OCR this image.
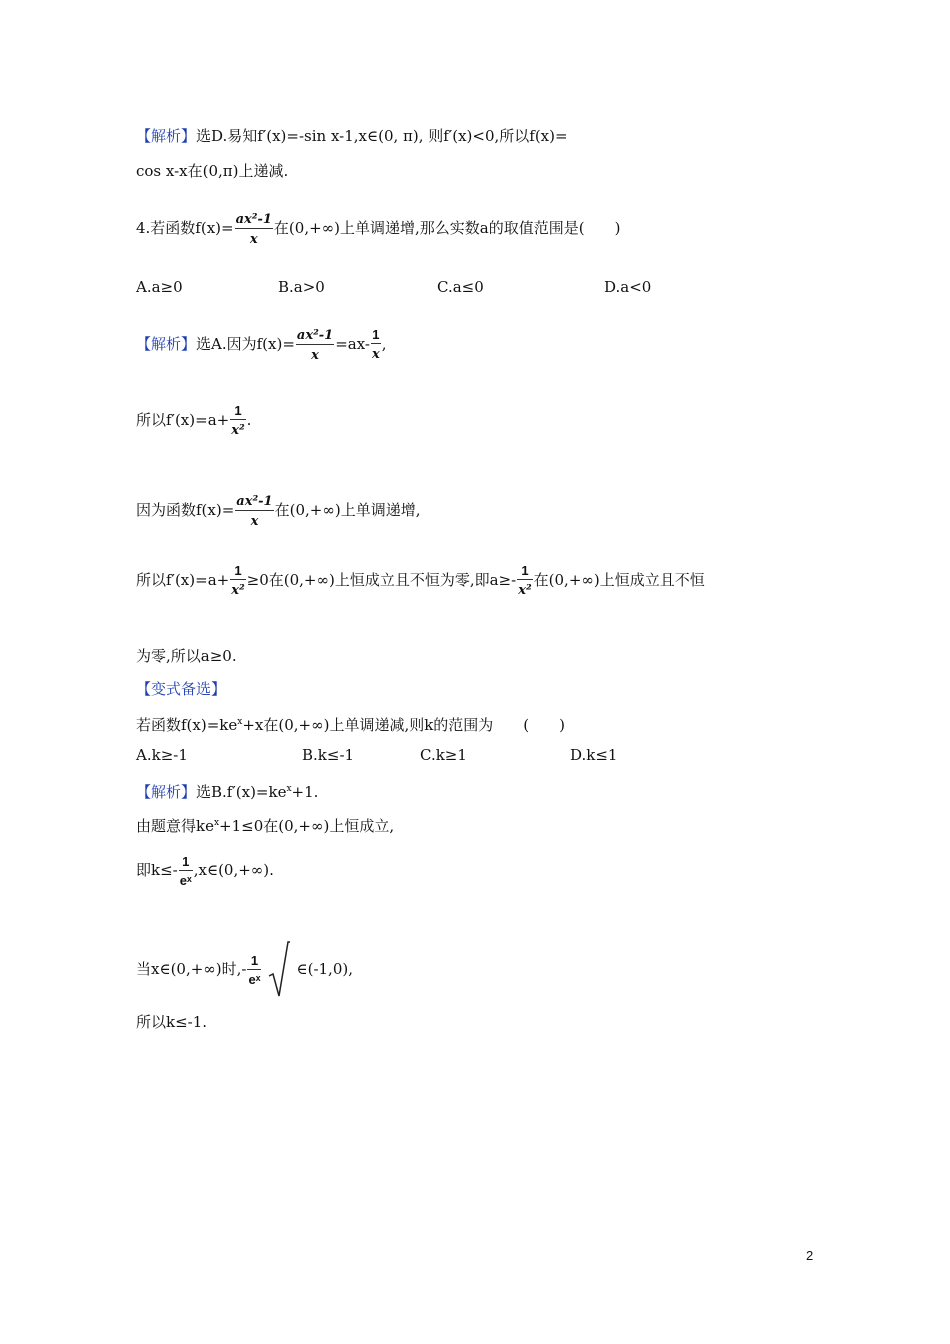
【解析】选D.易知f′(x)=-sin x-1,x∈(0, π), 则f′(x)<0,所以f(x)=
cos x-x在(0,π)上递减.
4.若函数$f(x)= \frac{\text{ax²-1}}{x}$ 在(0,+∞)上单调递增,那么实数a的取值范围是(　　)
A.a≥0	B.a>0	C.a≤0	D.a<0
【解析】选A.因为$f(x)= \frac{\text{ax²-1}}{x} =ax- \frac{1}{x}$ ,
所以$f'(x)=a+ \frac{1}{\text{x²}}$ .
因为函数$f(x)= \frac{\text{ax²-1}}{x}$ 在(0,+∞)上单调递增,
所以$f'(x)=a+ \frac{1}{\text{x²}} \ge 0$在(0,+∞)上恒成立且不恒为零,即$a\ge- \frac{1}{\text{x²}}$ 在(0,+∞)上恒成立且不恒
为零,所以a≥0.
【变式备选】
若函数$f(x)=ke^x+x$在(0,+∞)上单调递减,则k的范围为　　(　　)
A.k≥-1	B.k≤-1	C.k≥1	D.k≤1
【解析】选$B.f'(x)=ke^x+1$.
由题意得$ke^x+1\le 0$在(0,+∞)上恒成立,
即$k\le- \frac{1}{\text{eˣ}}$ ,x∈(0,+∞).
当x∈(0,+∞)时,- $\frac{1}{\text{eˣ}}$ ∈(-1,0),
所以k≤-1.
2
